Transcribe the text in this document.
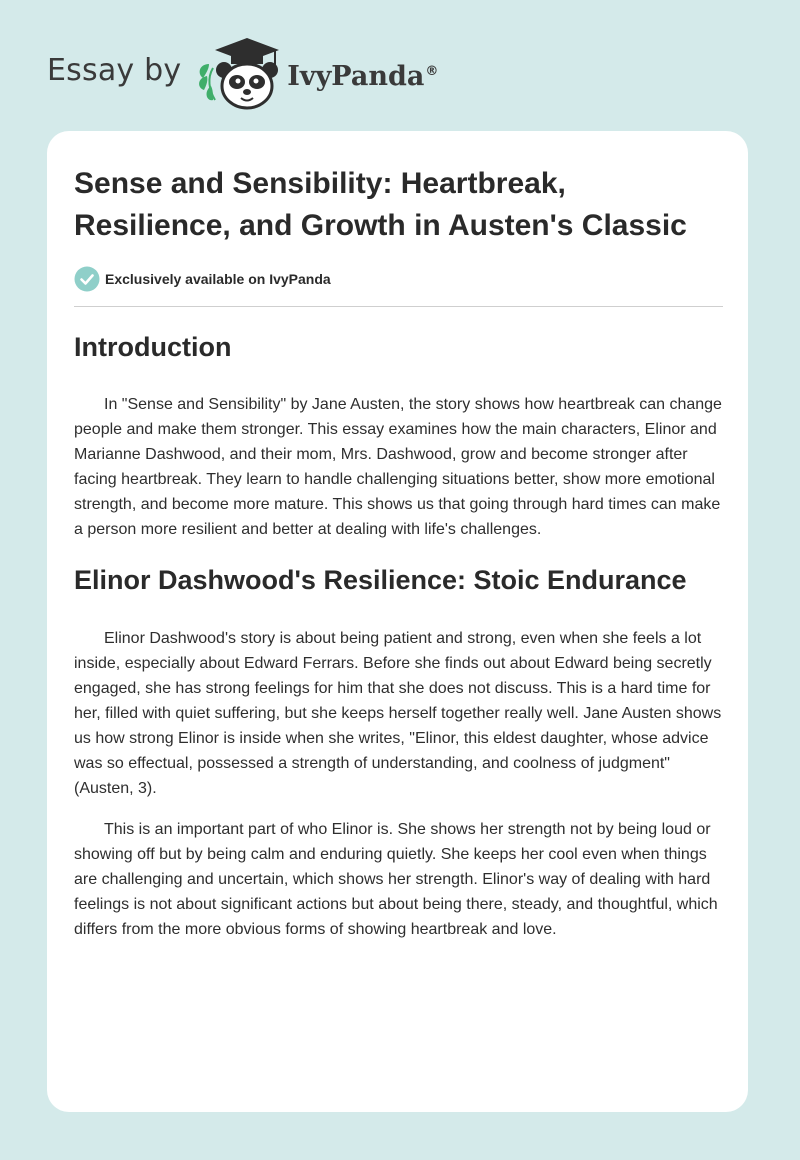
Essay by	IvyPanda®
Sense and Sensibility: Heartbreak, Resilience, and Growth in Austen's Classic
Exclusively available on IvyPanda
Introduction

In "Sense and Sensibility" by Jane Austen, the story shows how heartbreak can change people and make them stronger. This essay examines how the main characters, Elinor and Marianne Dashwood, and their mom, Mrs. Dashwood, grow and become stronger after facing heartbreak. They learn to handle challenging situations better, show more emotional strength, and become more mature. This shows us that going through hard times can make a person more resilient and better at dealing with life's challenges.

Elinor Dashwood's Resilience: Stoic Endurance

Elinor Dashwood's story is about being patient and strong, even when she feels a lot inside, especially about Edward Ferrars. Before she finds out about Edward being secretly engaged, she has strong feelings for him that she does not discuss. This is a hard time for her, filled with quiet suffering, but she keeps herself together really well. Jane Austen shows us how strong Elinor is inside when she writes, "Elinor, this eldest daughter, whose advice was so effectual, possessed a strength of understanding, and coolness of judgment" (Austen, 3).

This is an important part of who Elinor is. She shows her strength not by being loud or showing off but by being calm and enduring quietly. She keeps her cool even when things are challenging and uncertain, which shows her strength. Elinor's way of dealing with hard feelings is not about significant actions but about being there, steady, and thoughtful, which differs from the more obvious forms of showing heartbreak and love.
